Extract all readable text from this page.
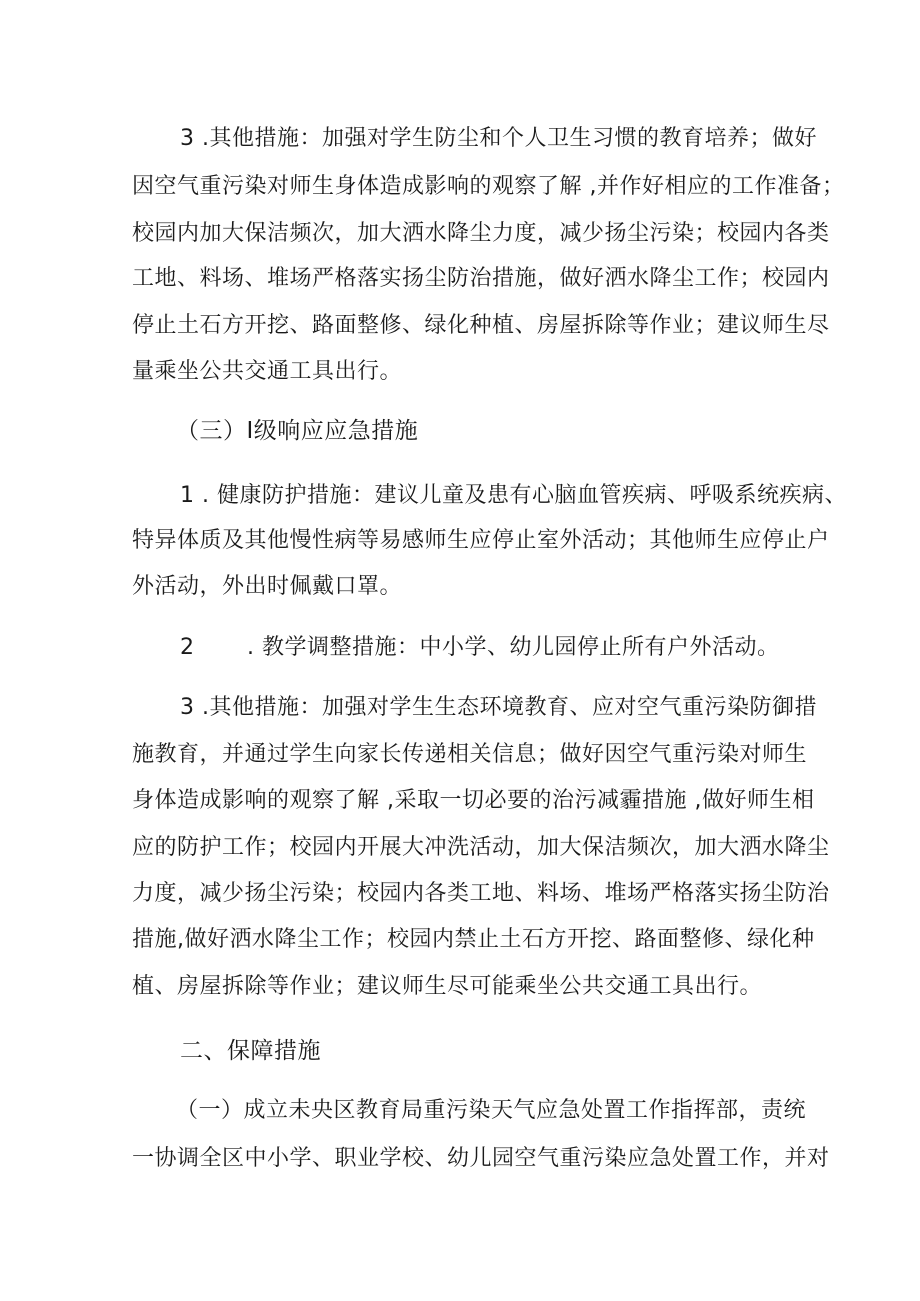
3 .其他措施：加强对学生防尘和个人卫生习惯的教育培养；做好
因空气重污染对师生身体造成影响的观察了解 ,并作好相应的工作准备；
校园内加大保洁频次，加大洒水降尘力度，减少扬尘污染；校园内各类
工地、料场、堆场严格落实扬尘防治措施，做好洒水降尘工作；校园内
停止土石方开挖、路面整修、绿化种植、房屋拆除等作业；建议师生尽
量乘坐公共交通工具出行。
（三）Ⅰ级响应应急措施
1 . 健康防护措施：建议儿童及患有心脑血管疾病、呼吸系统疾病、
特异体质及其他慢性病等易感师生应停止室外活动；其他师生应停止户
外活动，外出时佩戴口罩。
2　　 . 教学调整措施：中小学、幼儿园停止所有户外活动。
3 .其他措施：加强对学生生态环境教育、应对空气重污染防御措
施教育，并通过学生向家长传递相关信息；做好因空气重污染对师生
身体造成影响的观察了解 ,采取一切必要的治污减霾措施 ,做好师生相
应的防护工作；校园内开展大冲洗活动，加大保洁频次，加大洒水降尘
力度，减少扬尘污染；校园内各类工地、料场、堆场严格落实扬尘防治
措施,做好洒水降尘工作；校园内禁止土石方开挖、路面整修、绿化种
植、房屋拆除等作业；建议师生尽可能乘坐公共交通工具出行。
二、保障措施
（一）成立未央区教育局重污染天气应急处置工作指挥部，责统
一协调全区中小学、职业学校、幼儿园空气重污染应急处置工作，并对
